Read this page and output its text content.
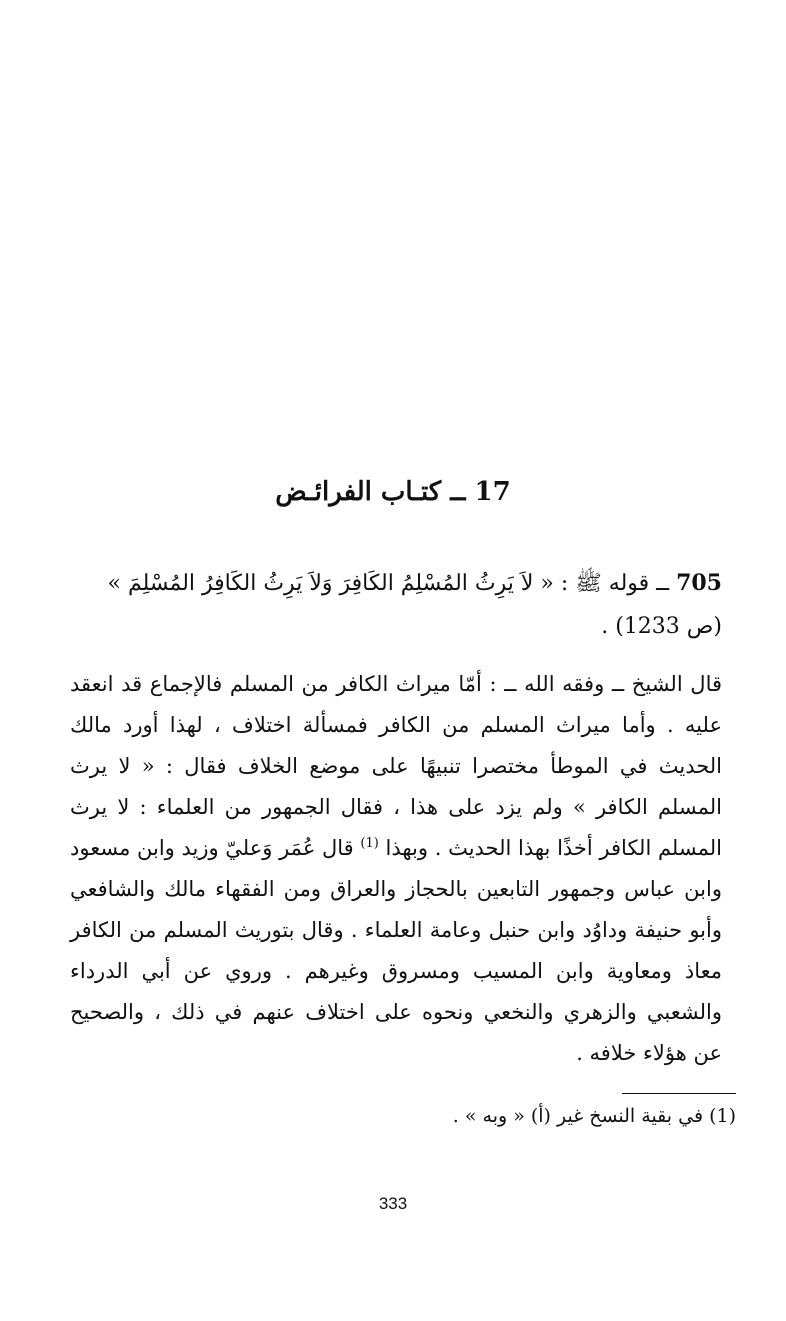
17 ــ كتـاب الفرائـض
705 ــ قوله ﷺ : « لاَ يَرِثُ المُسْلِمُ الكَافِرَ وَلاَ يَرِثُ الكَافِرُ المُسْلِمَ » (ص 1233) .

قال الشيخ ــ وفقه الله ــ : أمّا ميراث الكافر من المسلم فالإجماع قد انعقد عليه . وأما ميراث المسلم من الكافر فمسألة اختلاف ، لهذا أورد مالك الحديث في الموطأ مختصرا تنبيهًا على موضع الخلاف فقال : « لا يرث المسلم الكافر » ولم يزد على هذا ، فقال الجمهور من العلماء : لا يرث المسلم الكافر أخذًا بهذا الحديث . وبهذا $^{(1)}$ قال عُمَر وَعليّ وزيد وابن مسعود وابن عباس وجمهور التابعين بالحجاز والعراق ومن الفقهاء مالك والشافعي وأبو حنيفة وداوُد وابن حنبل وعامة العلماء . وقال بتوريث المسلم من الكافر معاذ ومعاوية وابن المسيب ومسروق وغيرهم . وروي عن أبي الدرداء والشعبي والزهري والنخعي ونحوه على اختلاف عنهم في ذلك ، والصحيح عن هؤلاء خلافه .

(1) في بقية النسخ غير (أ) « وبه » .
333
